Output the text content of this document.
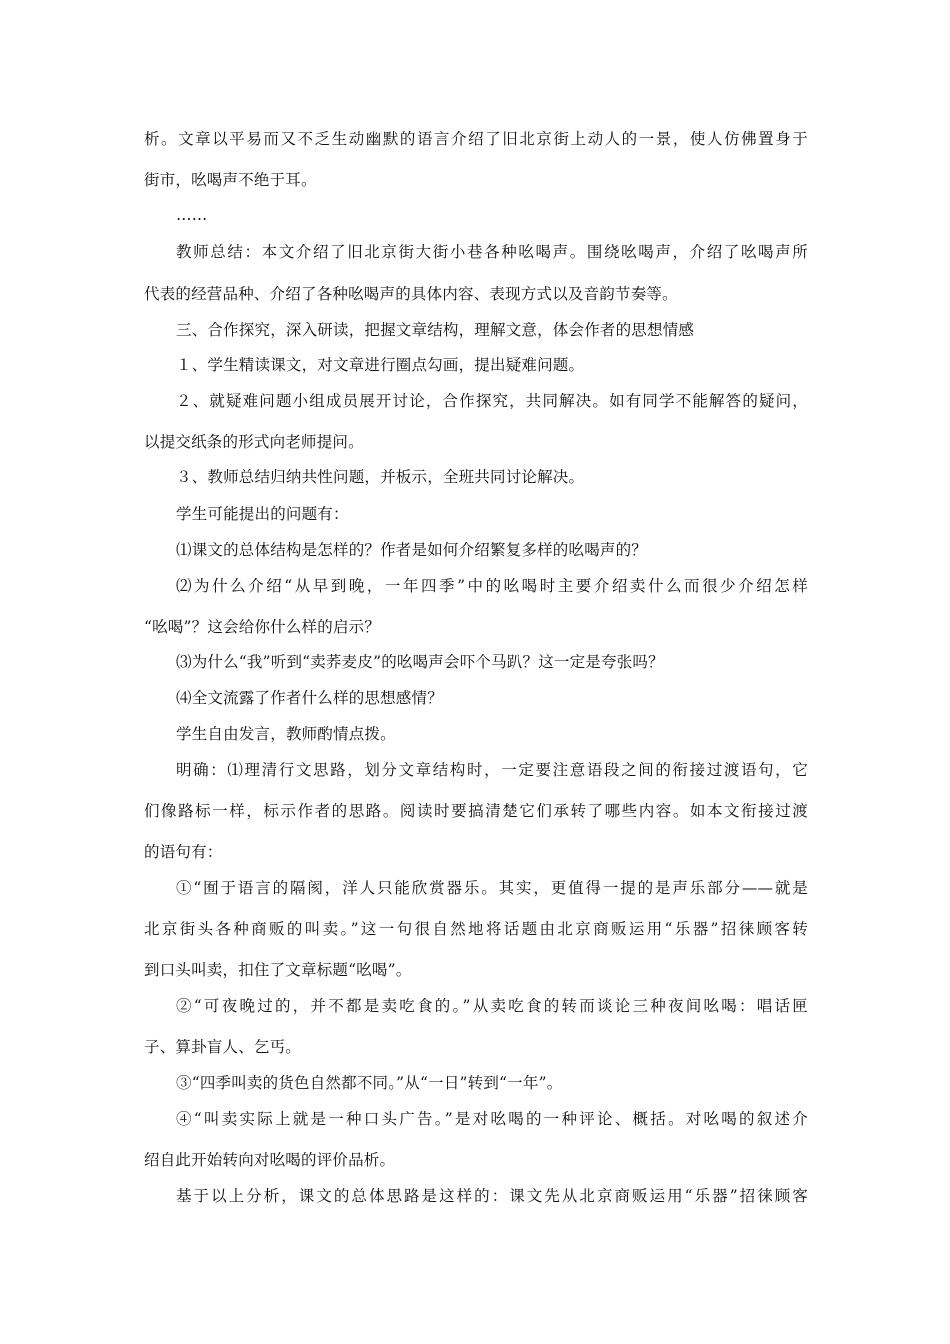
析。文章以平易而又不乏生动幽默的语言介绍了旧北京街上动人的一景，使人仿佛置身于
街市，吆喝声不绝于耳。
……
教师总结：本文介绍了旧北京街大街小巷各种吆喝声。围绕吆喝声，介绍了吆喝声所
代表的经营品种、介绍了各种吆喝声的具体内容、表现方式以及音韵节奏等。
三、合作探究，深入研读，把握文章结构，理解文意，体会作者的思想情感
１、学生精读课文，对文章进行圈点勾画，提出疑难问题。
２、就疑难问题小组成员展开讨论，合作探究，共同解决。如有同学不能解答的疑问，
以提交纸条的形式向老师提问。
３、教师总结归纳共性问题，并板示，全班共同讨论解决。
学生可能提出的问题有：
⑴课文的总体结构是怎样的？作者是如何介绍繁复多样的吆喝声的？
⑵为什么介绍“从早到晚，一年四季”中的吆喝时主要介绍卖什么而很少介绍怎样
“吆喝”？这会给你什么样的启示？
⑶为什么“我”听到“卖荞麦皮”的吆喝声会吓个马趴？这一定是夸张吗？
⑷全文流露了作者什么样的思想感情？
学生自由发言，教师酌情点拨。
明确：⑴理清行文思路，划分文章结构时，一定要注意语段之间的衔接过渡语句，它
们像路标一样，标示作者的思路。阅读时要搞清楚它们承转了哪些内容。如本文衔接过渡
的语句有：
①“囿于语言的隔阂，洋人只能欣赏器乐。其实，更值得一提的是声乐部分——就是
北京街头各种商贩的叫卖。”这一句很自然地将话题由北京商贩运用“乐器”招徕顾客转
到口头叫卖，扣住了文章标题“吆喝”。
②“可夜晚过的，并不都是卖吃食的。”从卖吃食的转而谈论三种夜间吆喝：唱话匣
子、算卦盲人、乞丐。
③“四季叫卖的货色自然都不同。”从“一日”转到“一年”。
④“叫卖实际上就是一种口头广告。”是对吆喝的一种评论、概括。对吆喝的叙述介
绍自此开始转向对吆喝的评价品析。
基于以上分析，课文的总体思路是这样的：课文先从北京商贩运用“乐器”招徕顾客
